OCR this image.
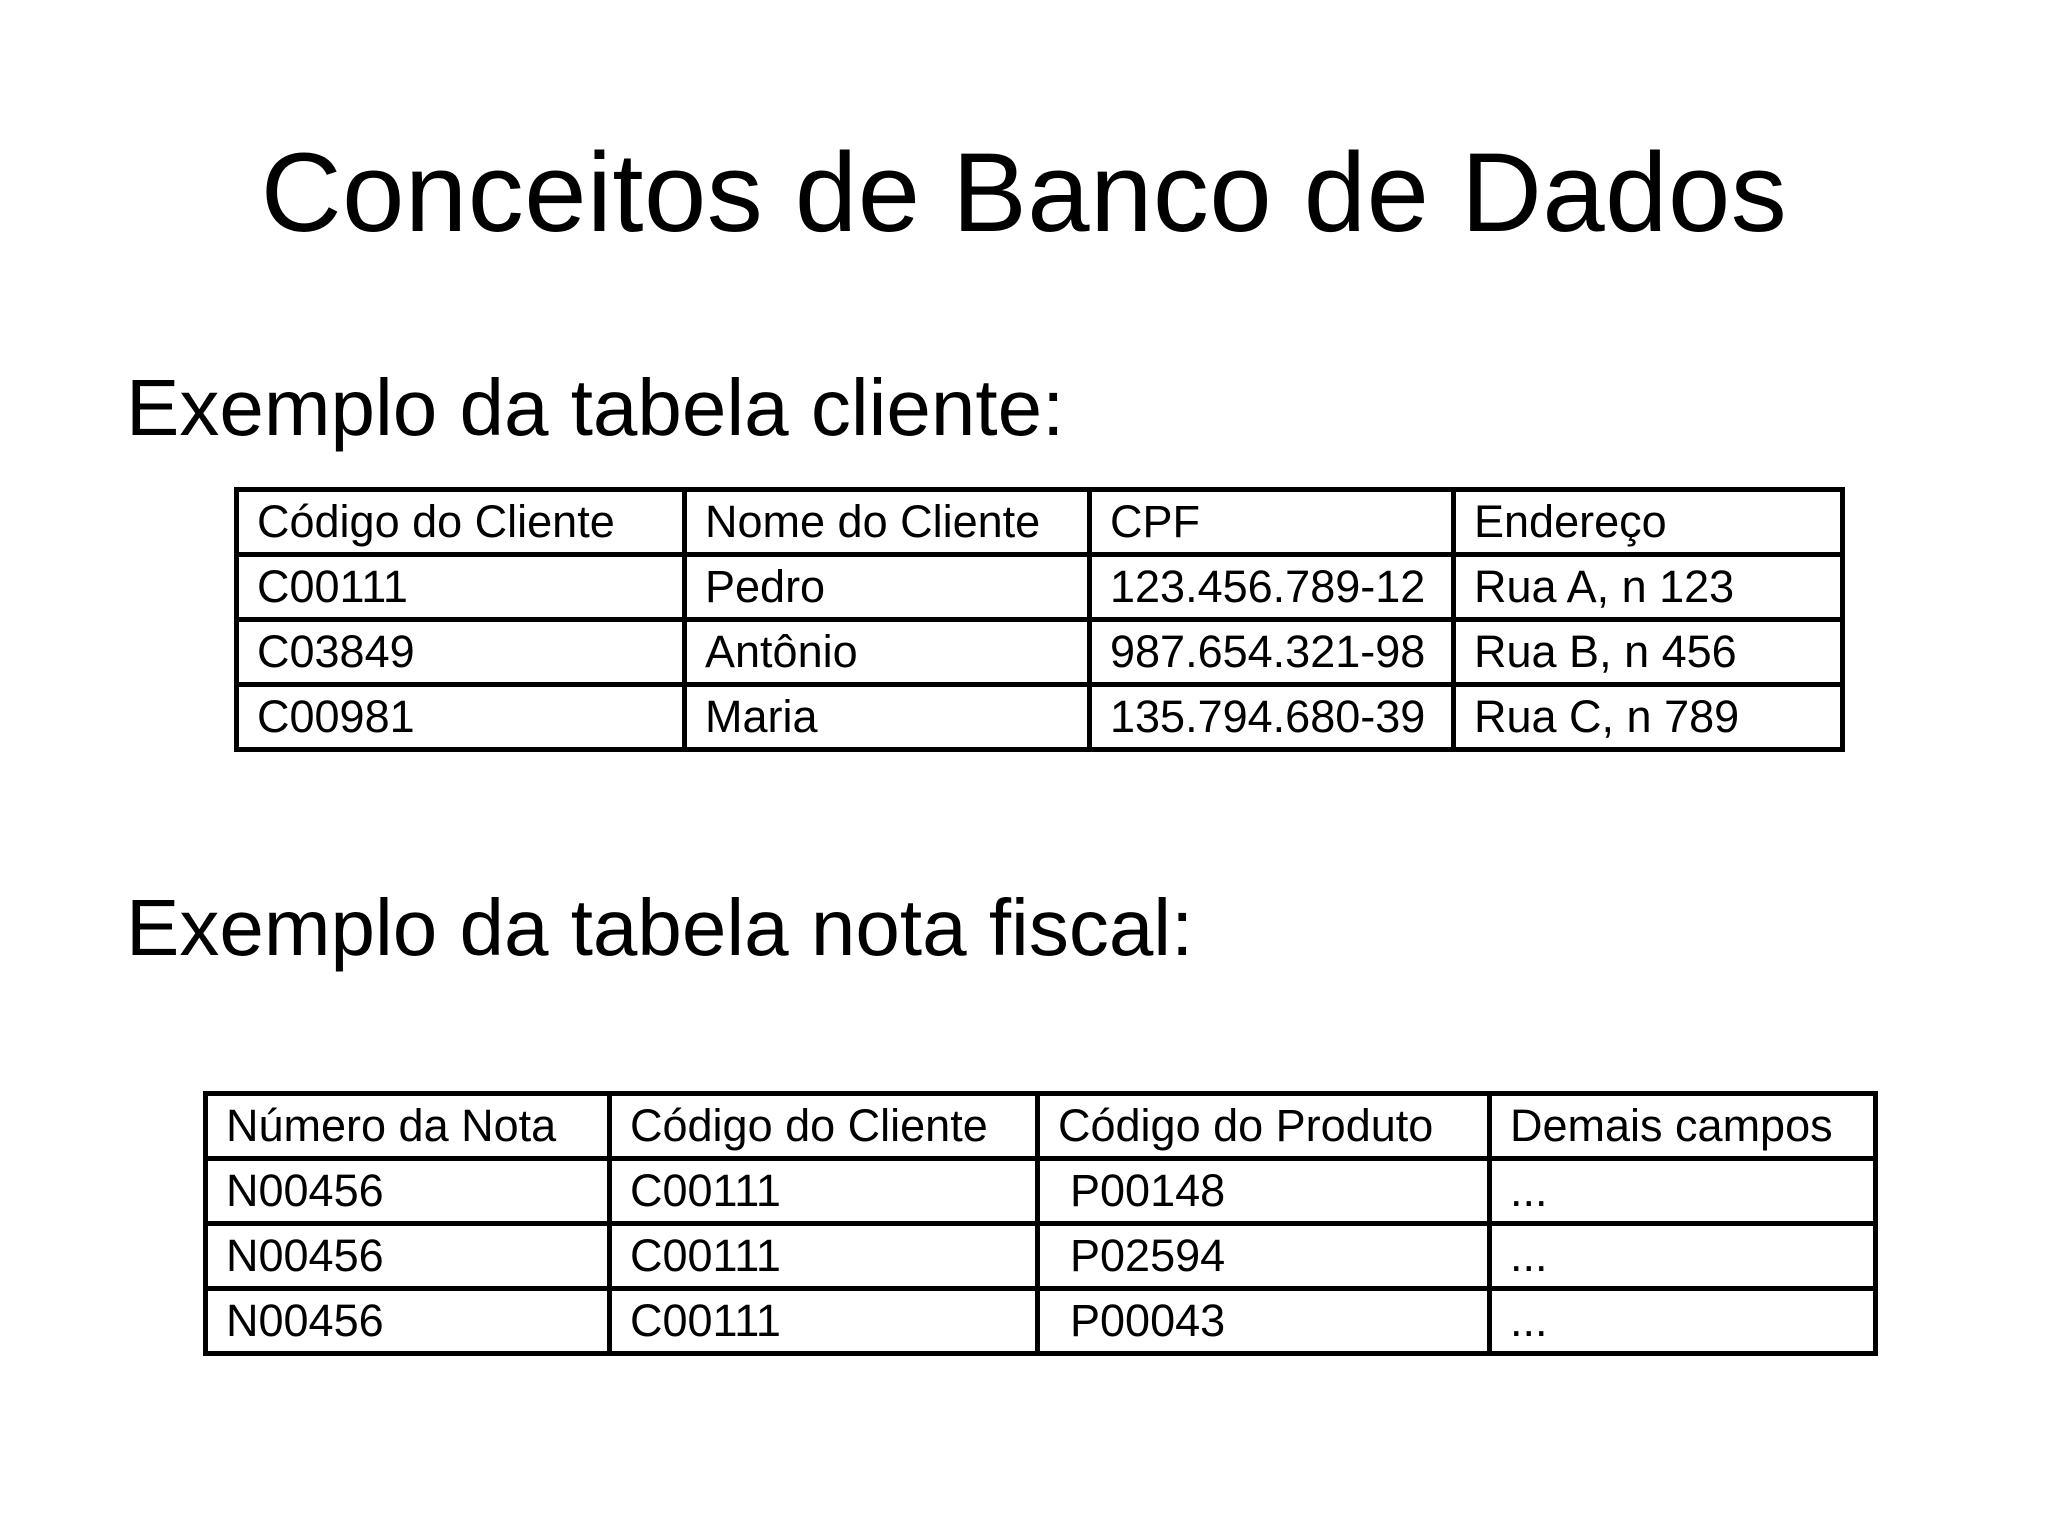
Conceitos de Banco de Dados
Exemplo da tabela cliente:
Código do Cliente	Nome do Cliente	CPF	Endereço
C00111	Pedro	123.456.789-12	Rua A, n 123
C03849	Antônio	987.654.321-98	Rua B, n 456
C00981	Maria	135.794.680-39	Rua C, n 789
Exemplo da tabela nota fiscal:
Número da Nota	Código do Cliente	Código do Produto	Demais campos
N00456	C00111	P00148	...
N00456	C00111	P02594	...
N00456	C00111	P00043	...
